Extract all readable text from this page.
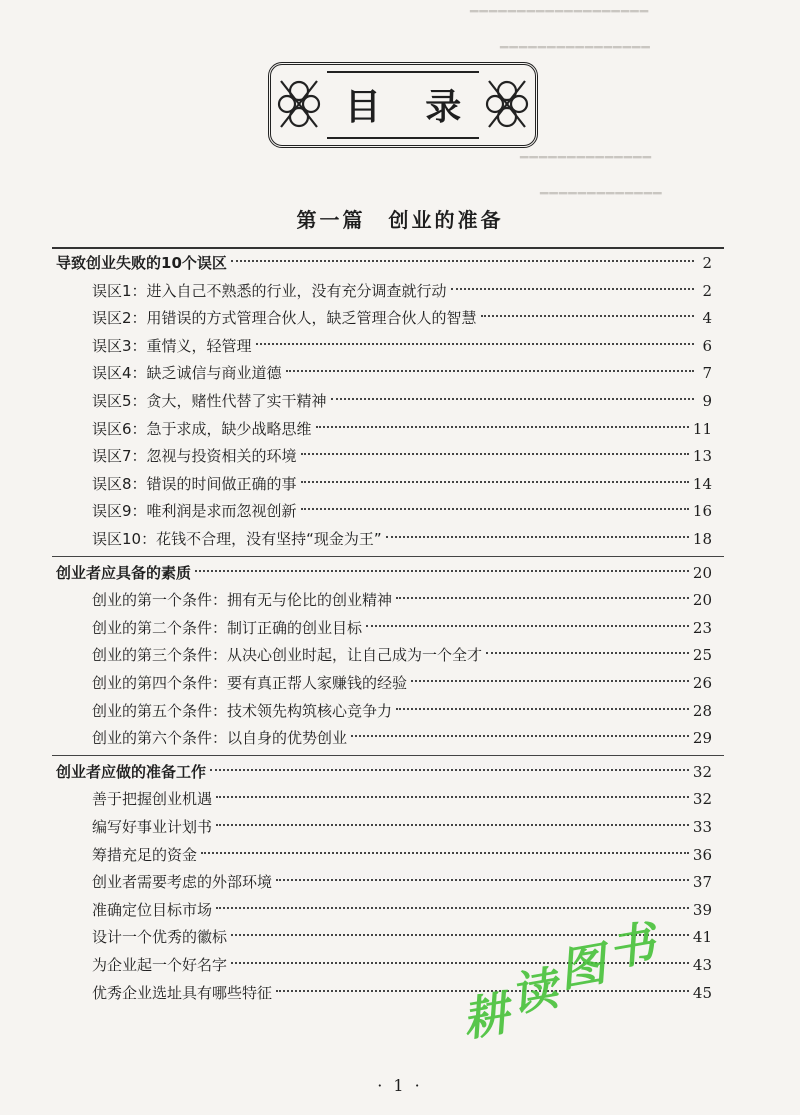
━━━━━━━━━━━━━━━━━━━
━━━━━━━━━━━━━━━━
━━━━━━━━━━━━━━
━━━━━━━━━━━━━
目 录
第一篇　创业的准备
导致创业失败的10个误区	2
误区1：进入自己不熟悉的行业，没有充分调查就行动	2
误区2：用错误的方式管理合伙人，缺乏管理合伙人的智慧	4
误区3：重情义，轻管理	6
误区4：缺乏诚信与商业道德	7
误区5：贪大，赌性代替了实干精神	9
误区6：急于求成，缺少战略思维	11
误区7：忽视与投资相关的环境	13
误区8：错误的时间做正确的事	14
误区9：唯利润是求而忽视创新	16
误区10：花钱不合理，没有坚持“现金为王”	18
创业者应具备的素质	20
创业的第一个条件：拥有无与伦比的创业精神	20
创业的第二个条件：制订正确的创业目标	23
创业的第三个条件：从决心创业时起，让自己成为一个全才	25
创业的第四个条件：要有真正帮人家赚钱的经验	26
创业的第五个条件：技术领先构筑核心竞争力	28
创业的第六个条件：以自身的优势创业	29
创业者应做的准备工作	32
善于把握创业机遇	32
编写好事业计划书	33
筹措充足的资金	36
创业者需要考虑的外部环境	37
准确定位目标市场	39
设计一个优秀的徽标	41
为企业起一个好名字	43
优秀企业选址具有哪些特征	45
· 1 ·
耕读图书
